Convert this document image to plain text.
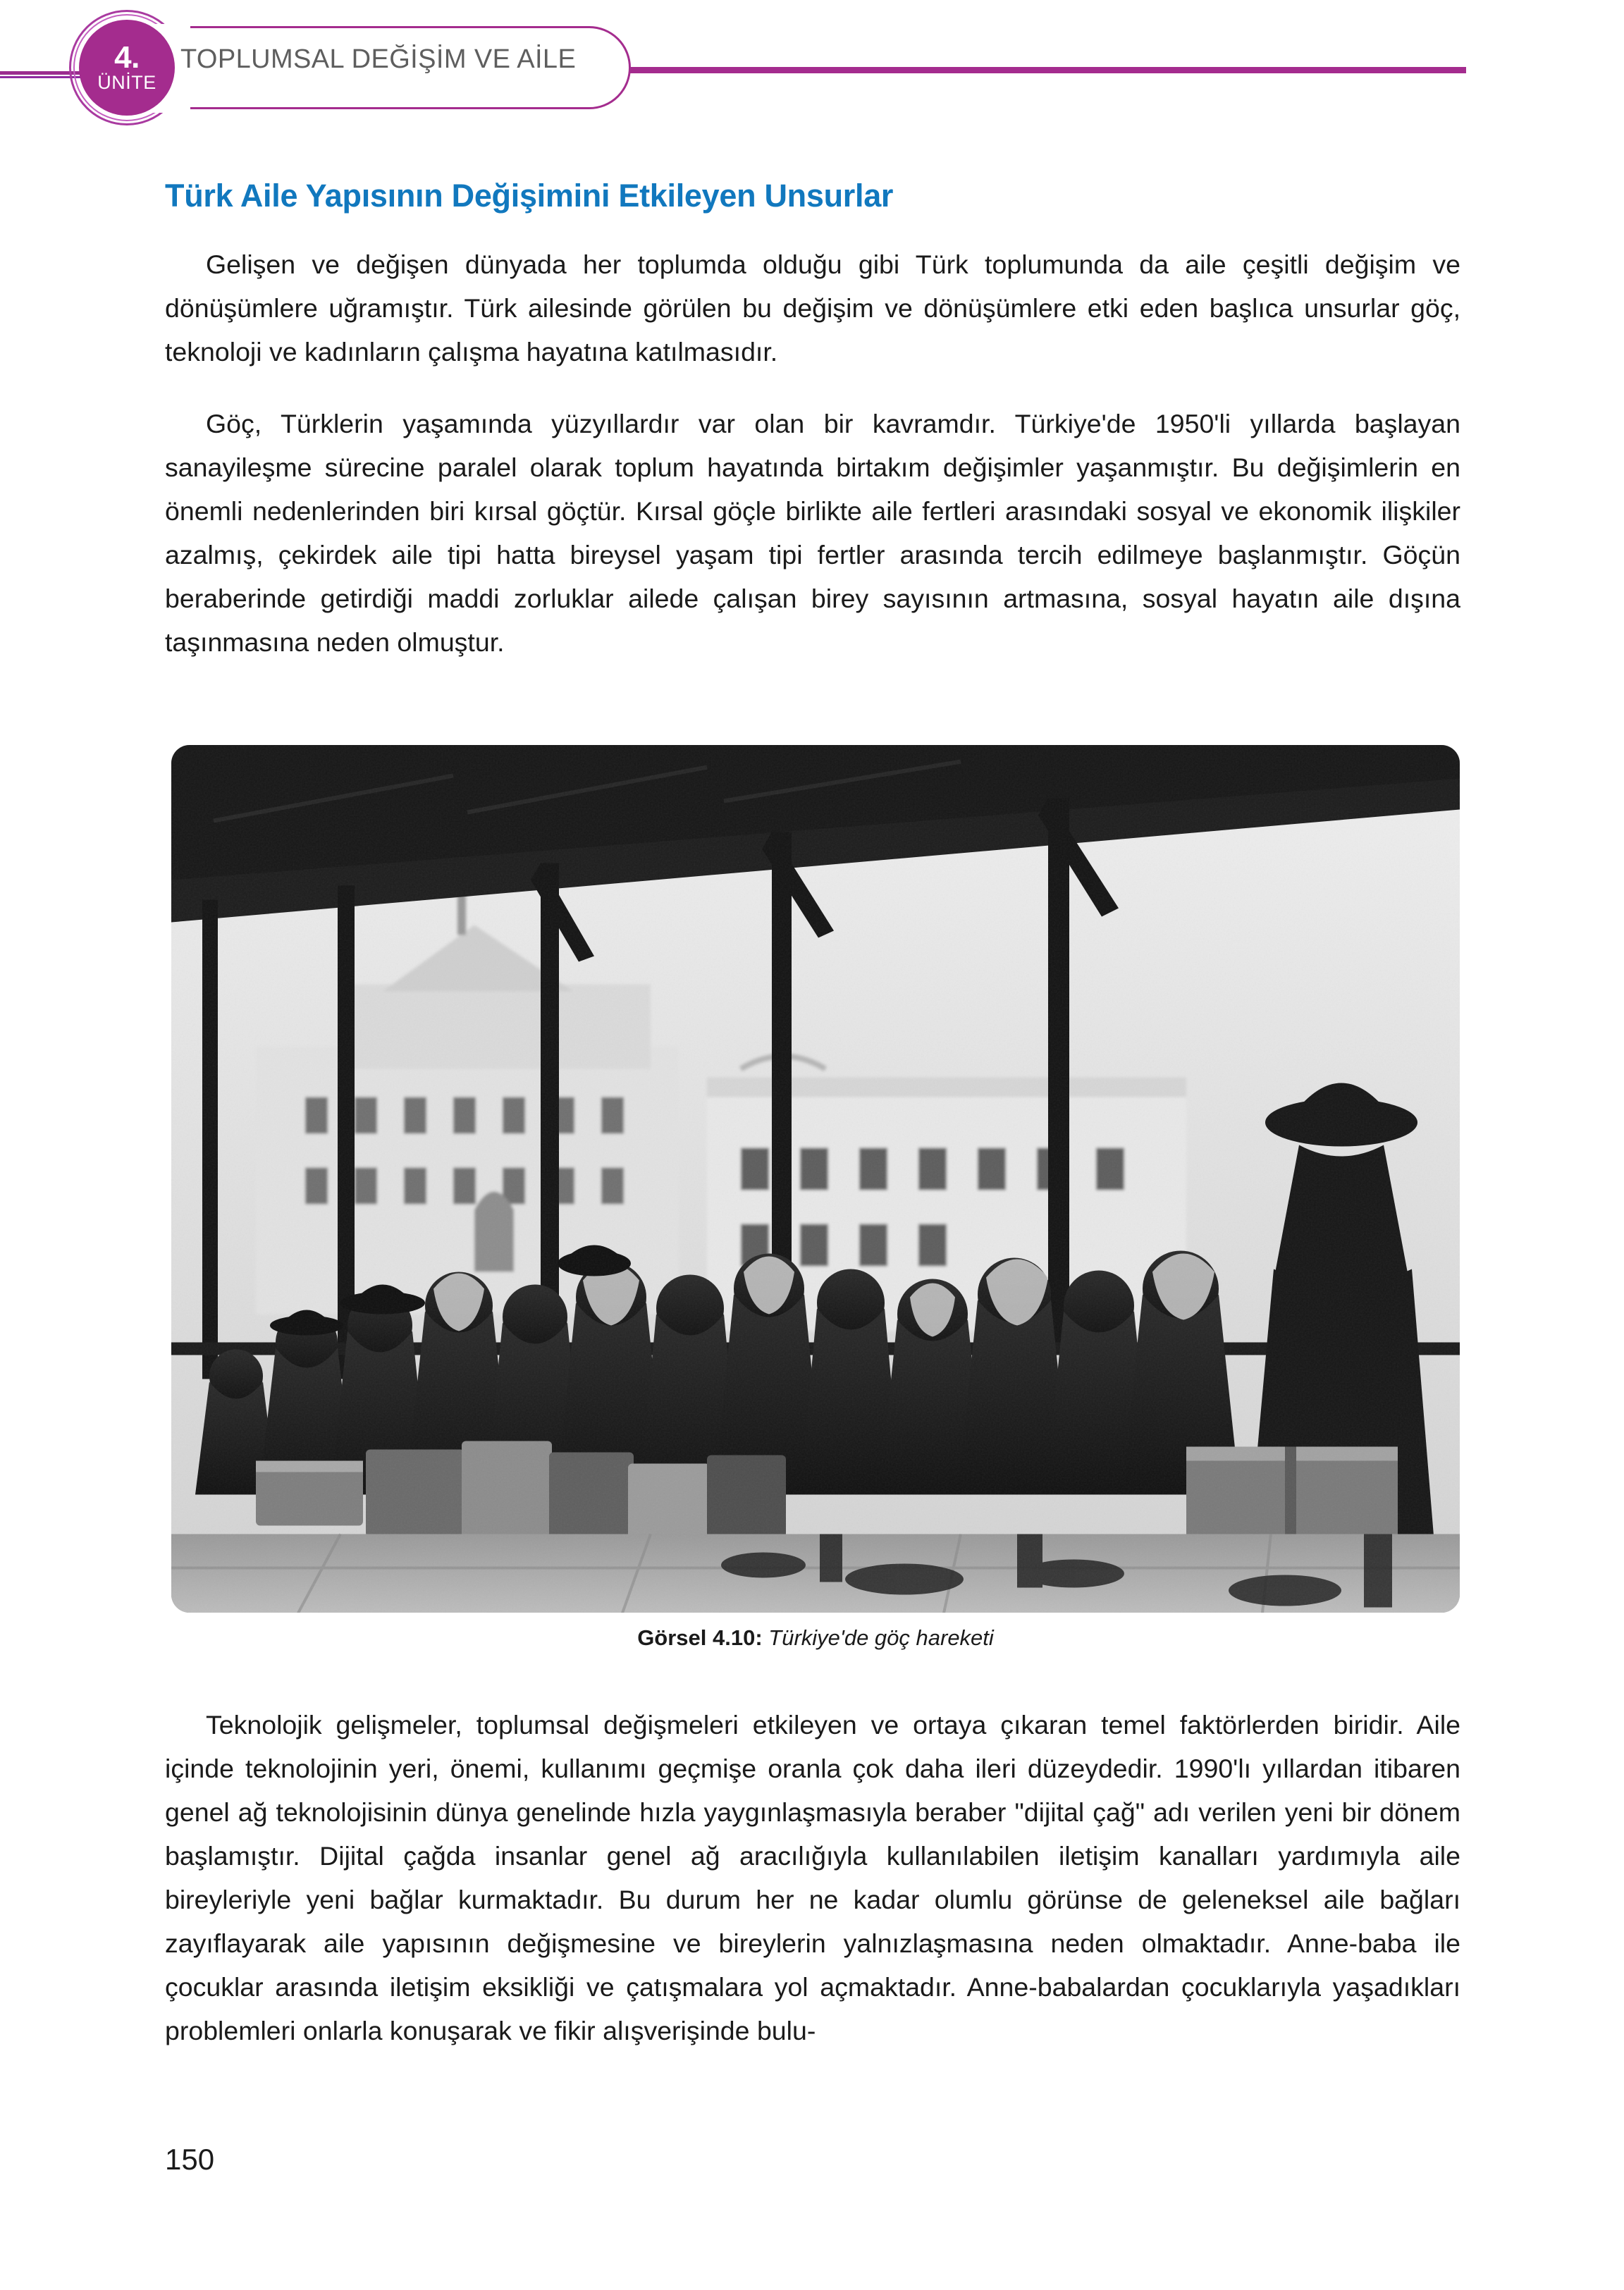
4.
ÜNİTE
TOPLUMSAL DEĞİŞİM VE AİLE
Türk Aile Yapısının Değişimini Etkileyen Unsurlar

Gelişen ve değişen dünyada her toplumda olduğu gibi Türk toplumunda da aile çeşitli değişim ve dönüşümlere uğramıştır. Türk ailesinde görülen bu değişim ve dönüşümlere etki eden başlıca unsurlar göç, teknoloji ve kadınların çalışma hayatına katılmasıdır.

Göç, Türklerin yaşamında yüzyıllardır var olan bir kavramdır. Türkiye'de 1950'li yıllarda başlayan sanayileşme sürecine paralel olarak toplum hayatında birtakım değişimler yaşanmıştır. Bu değişimlerin en önemli nedenlerinden biri kırsal göçtür. Kırsal göçle birlikte aile fertleri arasındaki sosyal ve ekonomik ilişkiler azalmış, çekirdek aile tipi hatta bireysel yaşam tipi fertler arasında tercih edilmeye başlanmıştır. Göçün beraberinde getirdiği maddi zorluklar ailede çalışan birey sayısının artmasına, sosyal hayatın aile dışına taşınmasına neden olmuştur.

Görsel 4.10: Türkiye'de göç hareketi

Teknolojik gelişmeler, toplumsal değişmeleri etkileyen ve ortaya çıkaran temel faktörlerden biridir. Aile içinde teknolojinin yeri, önemi, kullanımı geçmişe oranla çok daha ileri düzeydedir. 1990'lı yıllardan itibaren genel ağ teknolojisinin dünya genelinde hızla yaygınlaşmasıyla beraber "dijital çağ" adı verilen yeni bir dönem başlamıştır. Dijital çağda insanlar genel ağ aracılığıyla kullanılabilen iletişim kanalları yardımıyla aile bireyleriyle yeni bağlar kurmaktadır. Bu durum her ne kadar olumlu görünse de geleneksel aile bağları zayıflayarak aile yapısının değişmesine ve bireylerin yalnızlaşmasına neden olmaktadır. Anne-baba ile çocuklar arasında iletişim eksikliği ve çatışmalara yol açmaktadır. Anne-babalardan çocuklarıyla yaşadıkları problemleri onlarla konuşarak ve fikir alışverişinde bulu-

150
